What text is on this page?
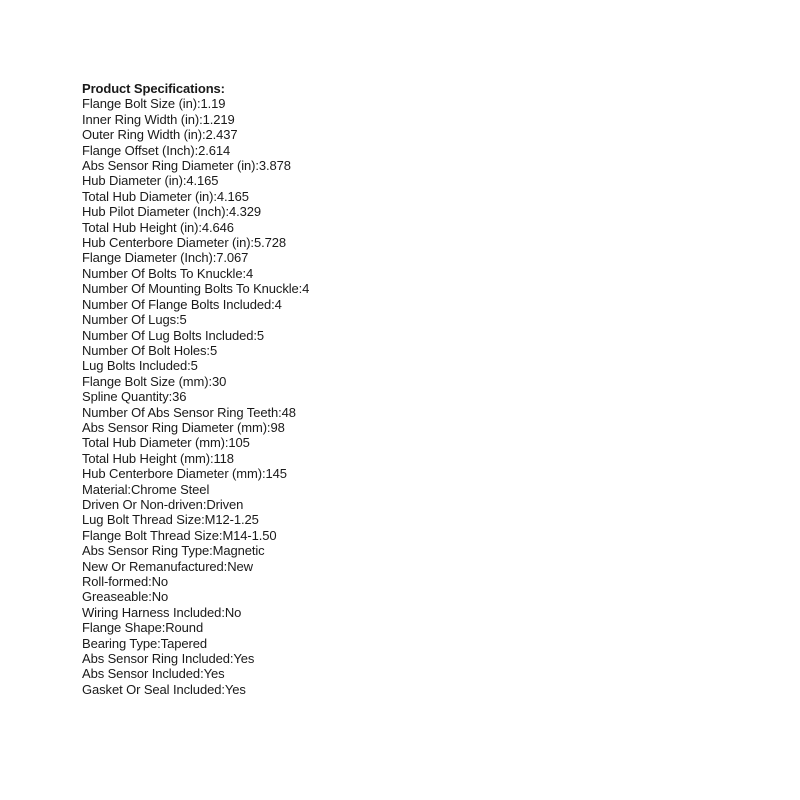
Product Specifications:
Flange Bolt Size (in):1.19
Inner Ring Width (in):1.219
Outer Ring Width (in):2.437
Flange Offset (Inch):2.614
Abs Sensor Ring Diameter (in):3.878
Hub Diameter (in):4.165
Total Hub Diameter (in):4.165
Hub Pilot Diameter (Inch):4.329
Total Hub Height (in):4.646
Hub Centerbore Diameter (in):5.728
Flange Diameter (Inch):7.067
Number Of Bolts To Knuckle:4
Number Of Mounting Bolts To Knuckle:4
Number Of Flange Bolts Included:4
Number Of Lugs:5
Number Of Lug Bolts Included:5
Number Of Bolt Holes:5
Lug Bolts Included:5
Flange Bolt Size (mm):30
Spline Quantity:36
Number Of Abs Sensor Ring Teeth:48
Abs Sensor Ring Diameter (mm):98
Total Hub Diameter (mm):105
Total Hub Height (mm):118
Hub Centerbore Diameter (mm):145
Material:Chrome Steel
Driven Or Non-driven:Driven
Lug Bolt Thread Size:M12-1.25
Flange Bolt Thread Size:M14-1.50
Abs Sensor Ring Type:Magnetic
New Or Remanufactured:New
Roll-formed:No
Greaseable:No
Wiring Harness Included:No
Flange Shape:Round
Bearing Type:Tapered
Abs Sensor Ring Included:Yes
Abs Sensor Included:Yes
Gasket Or Seal Included:Yes
